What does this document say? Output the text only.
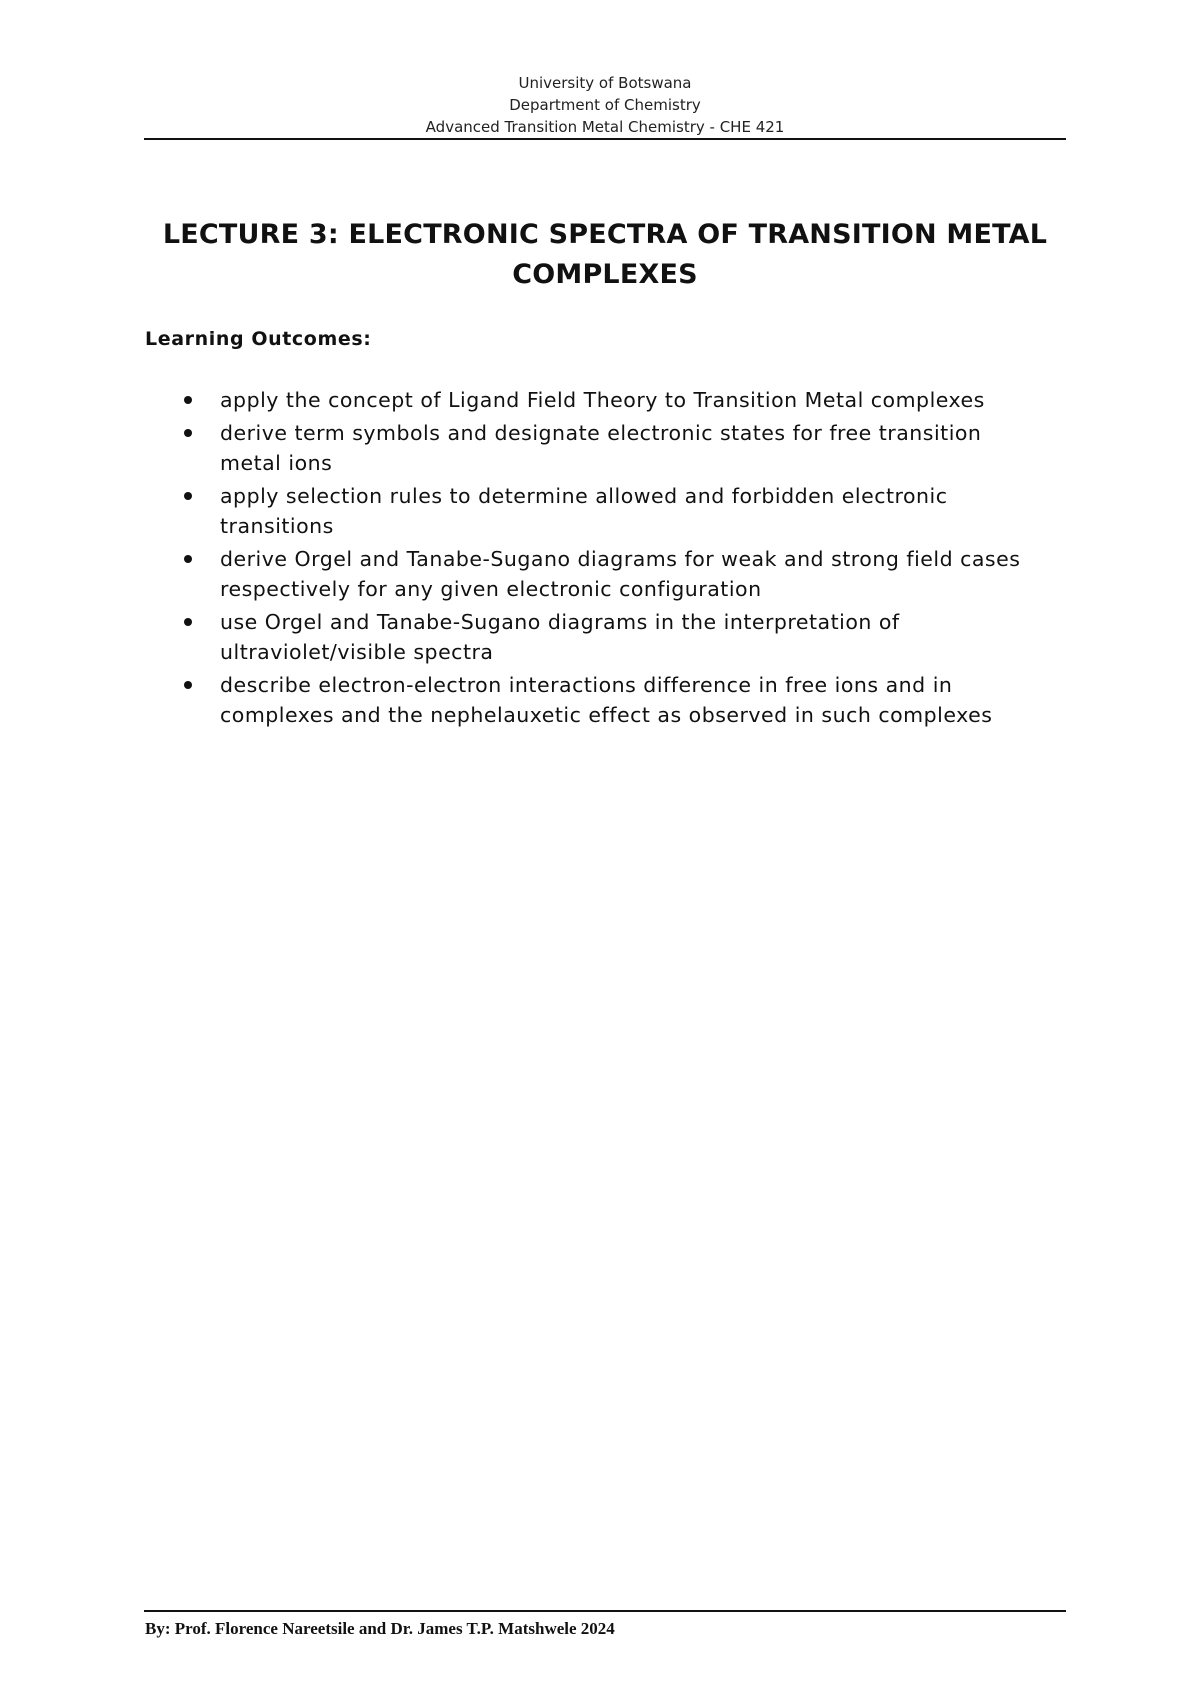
University of Botswana
Department of Chemistry
Advanced Transition Metal Chemistry - CHE 421
LECTURE 3: ELECTRONIC SPECTRA OF TRANSITION METAL
COMPLEXES
Learning Outcomes:
apply the concept of Ligand Field Theory to Transition Metal complexes
derive term symbols and designate electronic states for free transition metal ions
apply selection rules to determine allowed and forbidden electronic transitions
derive Orgel and Tanabe-Sugano diagrams for weak and strong field cases respectively for any given electronic configuration
use Orgel and Tanabe-Sugano diagrams in the interpretation of ultraviolet/visible spectra
describe electron-electron interactions difference in free ions and in complexes and the nephelauxetic effect as observed in such complexes
By: Prof. Florence Nareetsile and Dr. James T.P. Matshwele 2024
